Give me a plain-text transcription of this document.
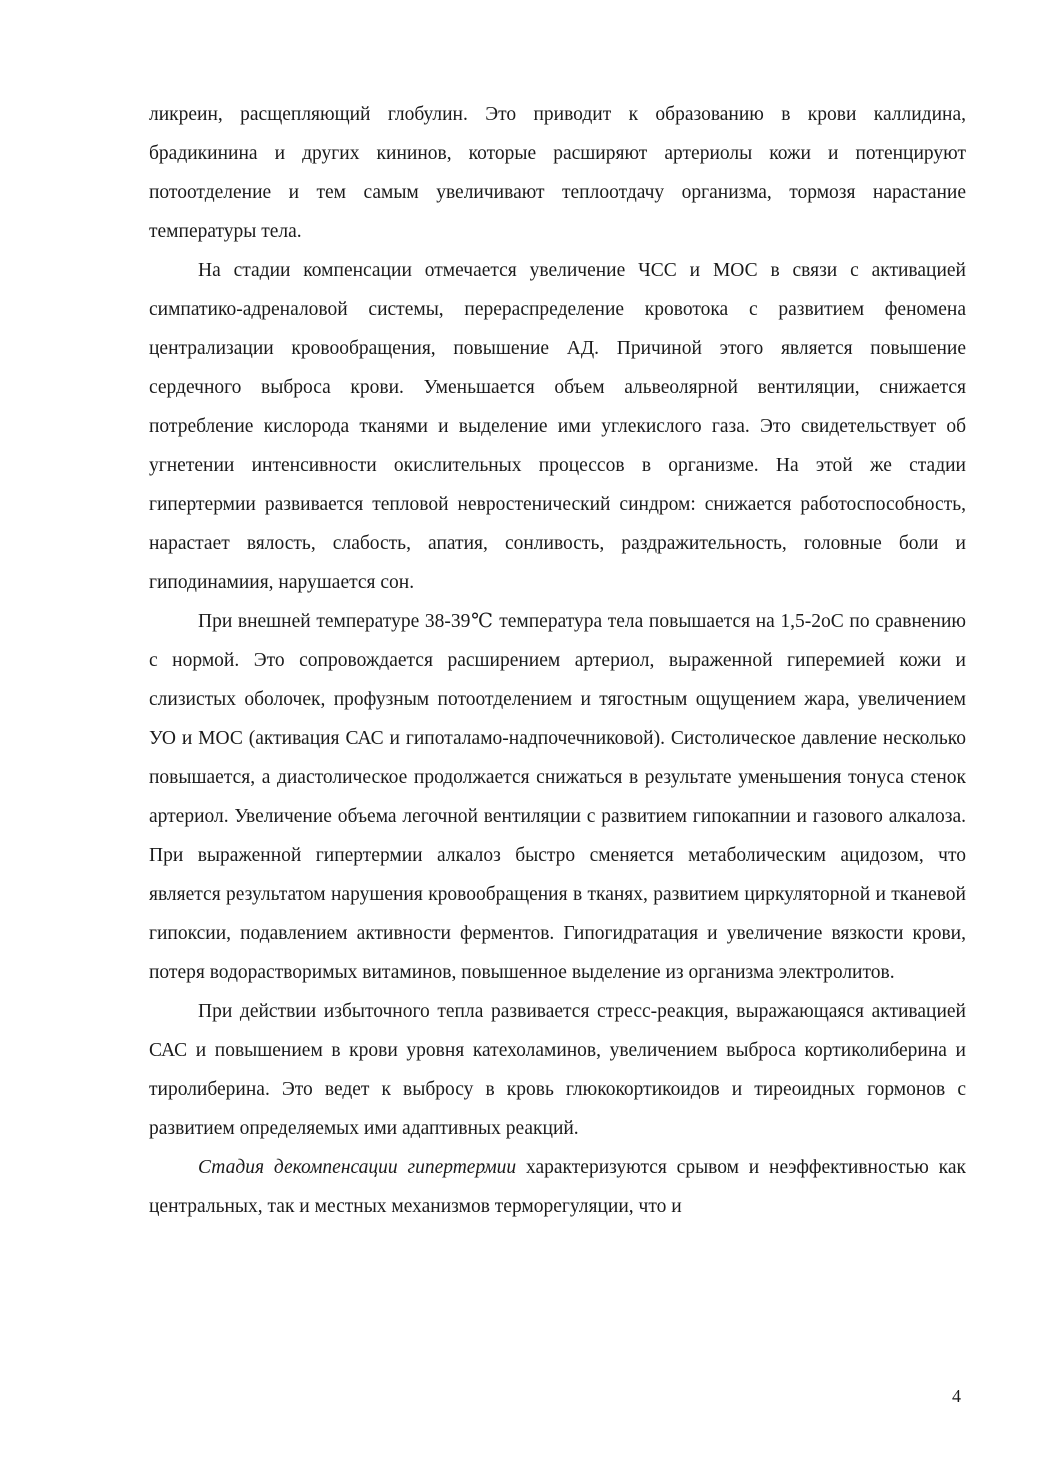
ликреин, расщепляющий глобулин. Это приводит к образованию в крови каллидина, брадикинина и других кининов, которые расширяют артериолы кожи и потенцируют потоотделение и тем самым увеличивают теплоотдачу организма, тормозя нарастание температуры тела.

На стадии компенсации отмечается увеличение ЧСС и МОС в связи с активацией симпатико-адреналовой системы, перераспределение кровотока с развитием феномена централизации кровообращения, повышение АД. Причиной этого является повышение сердечного выброса крови. Уменьшается объем альвеолярной вентиляции, снижается потребление кислорода тканями и выделение ими углекислого газа. Это свидетельствует об угнетении интенсивности окислительных процессов в организме. На этой же стадии гипертермии развивается тепловой невростенический синдром: снижается работоспособность, нарастает вялость, слабость, апатия, сонливость, раздражительность, головные боли и гиподинамиия, нарушается сон.

При внешней температуре 38-39℃ температура тела повышается на 1,5-2оС по сравнению с нормой. Это сопровождается расширением артериол, выраженной гиперемией кожи и слизистых оболочек, профузным потоотделением и тягостным ощущением жара, увеличением УО и МОС (активация САС и гипоталамо-надпочечниковой). Систолическое давление несколько повышается, а диастолическое продолжается снижаться в результате уменьшения тонуса стенок артериол. Увеличение объема легочной вентиляции с развитием гипокапнии и газового алкалоза. При выраженной гипертермии алкалоз быстро сменяется метаболическим ацидозом, что является результатом нарушения кровообращения в тканях, развитием циркуляторной и тканевой гипоксии, подавлением активности ферментов. Гипогидратация и увеличение вязкости крови, потеря водорастворимых витаминов, повышенное выделение из организма электролитов.

При действии избыточного тепла развивается стресс-реакция, выражающаяся активацией САС и повышением в крови уровня катехоламинов, увеличением выброса кортиколиберина и тиролиберина. Это ведет к выбросу в кровь глюкокортикоидов и тиреоидных гормонов с развитием определяемых ими адаптивных реакций.

Стадия декомпенсации гипертермии характеризуются срывом и неэффективностью как центральных, так и местных механизмов терморегуляции, что и

4
